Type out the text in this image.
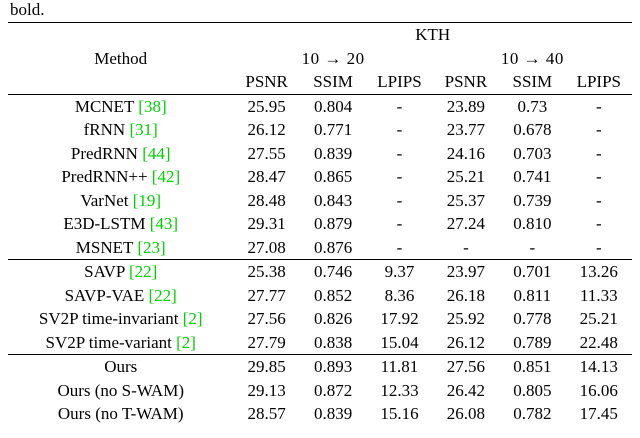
bold.
	KTH					
Method	10 → 20			10 → 40		
	PSNR	SSIM	LPIPS	PSNR	SSIM	LPIPS
MCNET [38]	25.95	0.804	-	23.89	0.73	-
fRNN [31]	26.12	0.771	-	23.77	0.678	-
PredRNN [44]	27.55	0.839	-	24.16	0.703	-
PredRNN++ [42]	28.47	0.865	-	25.21	0.741	-
VarNet [19]	28.48	0.843	-	25.37	0.739	-
E3D-LSTM [43]	29.31	0.879	-	27.24	0.810	-
MSNET [23]	27.08	0.876	-	-	-	-
SAVP [22]	25.38	0.746	9.37	23.97	0.701	13.26
SAVP-VAE [22]	27.77	0.852	8.36	26.18	0.811	11.33
SV2P time-invariant [2]	27.56	0.826	17.92	25.92	0.778	25.21
SV2P time-variant [2]	27.79	0.838	15.04	26.12	0.789	22.48
Ours	29.85	0.893	11.81	27.56	0.851	14.13
Ours (no S-WAM)	29.13	0.872	12.33	26.42	0.805	16.06
Ours (no T-WAM)	28.57	0.839	15.16	26.08	0.782	17.45
